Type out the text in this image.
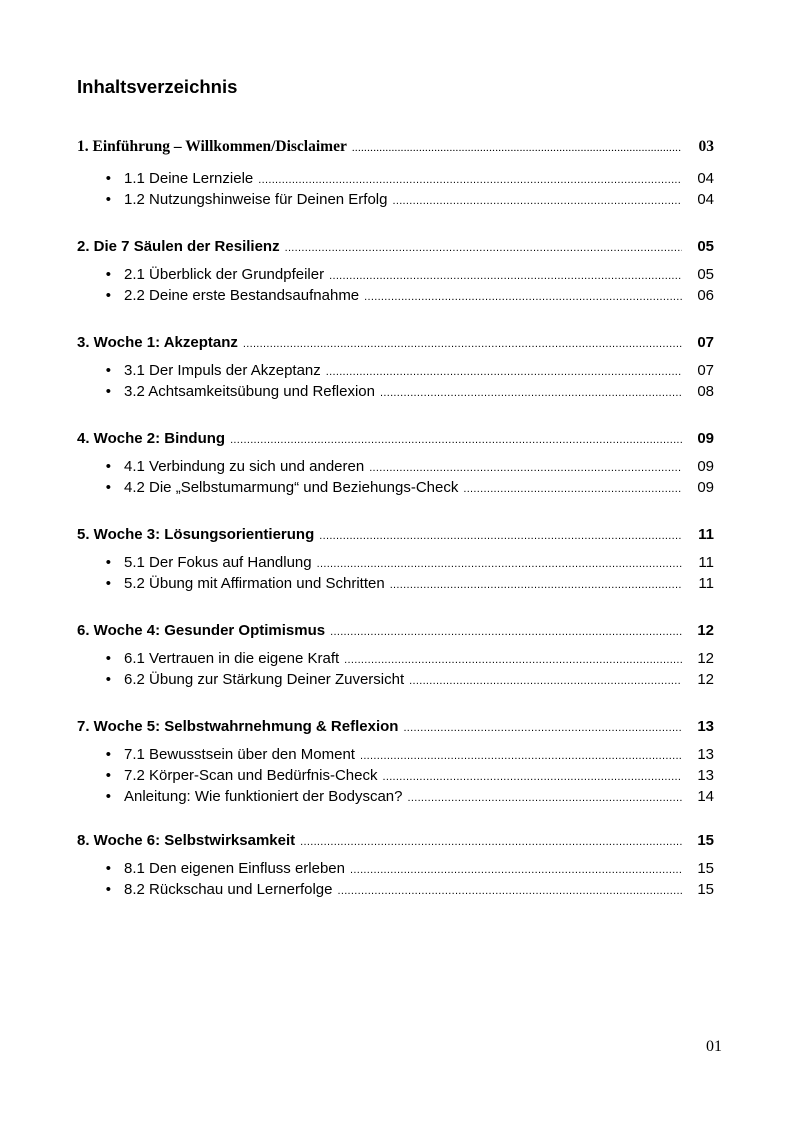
Inhaltsverzeichnis
1. Einführung – Willkommen/Disclaimer .....	03
• 1.1 Deine Lernziele .....	04
• 1.2 Nutzungshinweise für Deinen Erfolg .....	04
2. Die 7 Säulen der Resilienz .....	05
• 2.1 Überblick der Grundpfeiler .....	05
• 2.2 Deine erste Bestandsaufnahme .....	06
3. Woche 1: Akzeptanz .....	07
• 3.1 Der Impuls der Akzeptanz .....	07
• 3.2 Achtsamkeitsübung und Reflexion .....	08
4. Woche 2: Bindung .....	09
• 4.1 Verbindung zu sich und anderen .....	09
• 4.2 Die „Selbstumarmung“ und Beziehungs-Check .....	09
5. Woche 3: Lösungsorientierung .....	11
• 5.1 Der Fokus auf Handlung .....	11
• 5.2 Übung mit Affirmation und Schritten .....	11
6. Woche 4: Gesunder Optimismus .....	12
• 6.1 Vertrauen in die eigene Kraft .....	12
• 6.2 Übung zur Stärkung Deiner Zuversicht .....	12
7. Woche 5: Selbstwahrnehmung & Reflexion .....	13
• 7.1 Bewusstsein über den Moment .....	13
• 7.2 Körper-Scan und Bedürfnis-Check .....	13
• Anleitung: Wie funktioniert der Bodyscan? .....	14
8. Woche 6: Selbstwirksamkeit .....	15
• 8.1 Den eigenen Einfluss erleben .....	15
• 8.2 Rückschau und Lernerfolge .....	15
01
